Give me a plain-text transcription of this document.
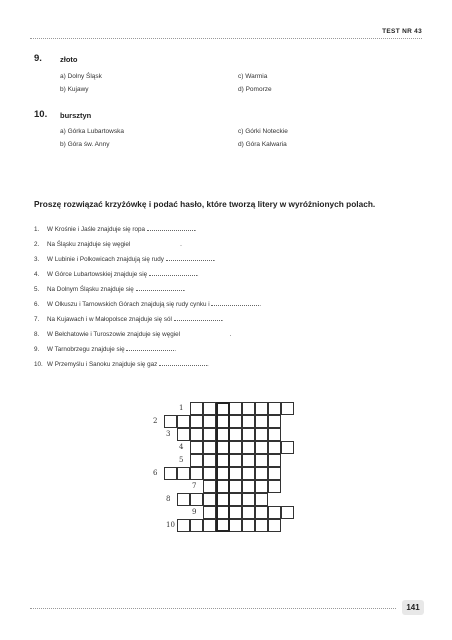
TEST NR 43
9. złoto
a) Dolny Śląsk
b) Kujawy
c) Warmia
d) Pomorze
10. bursztyn
a) Górka Lubartowska
b) Góra św. Anny
c) Górki Noteckie
d) Góra Kalwaria
Proszę rozwiązać krzyżówkę i podać hasło, które tworzą litery w wyróżnionych polach.
1. W Krośnie i Jaśle znajduje się ropa	.
2. Na Śląsku znajduje się węgiel	.
3. W Lubinie i Polkowicach znajdują się rudy	.
4. W Górce Lubartowskiej znajduje się	.
5. Na Dolnym Śląsku znajduje się	.
6. W Olkuszu i Tarnowskich Górach znajdują się rudy cynku i	.
7. Na Kujawach i w Małopolsce znajduje się sól	.
8. W Bełchatowie i Turoszowie znajduje się węgiel	.
9. W Tarnobrzegu znajduje się	.
10. W Przemyślu i Sanoku znajduje się gaz	.
1
2
3
4
5
6
7
8
9
10
141
